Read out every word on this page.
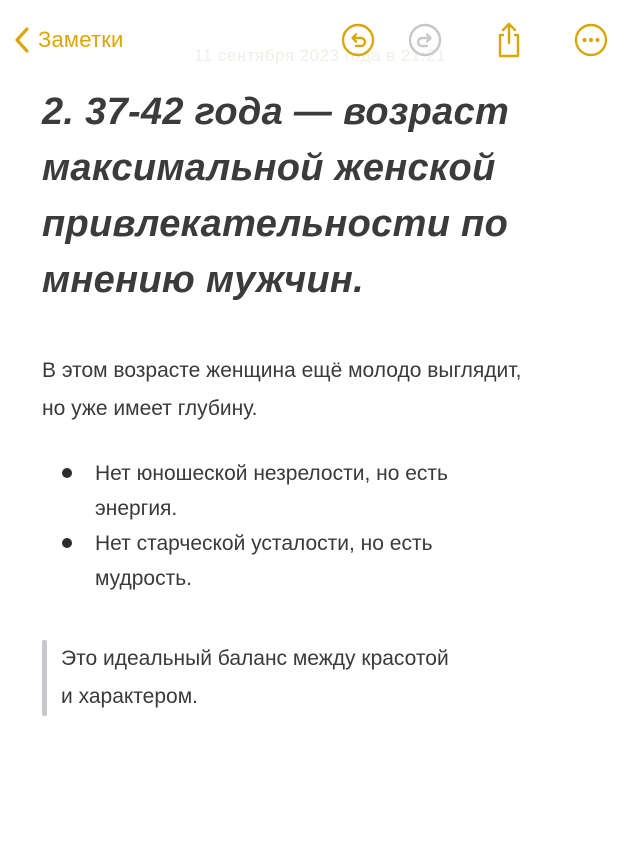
Заметки
11 сентября 2023 года в 21:21
2. 37-42 года — возраст максимальной женской привлекательности по мнению мужчин.

В этом возрасте женщина ещё молодо выглядит, но уже имеет глубину.

Нет юношеской незрелости, но есть энергия.
Нет старческой усталости, но есть мудрость.
Это идеальный баланс между красотой и характером.
